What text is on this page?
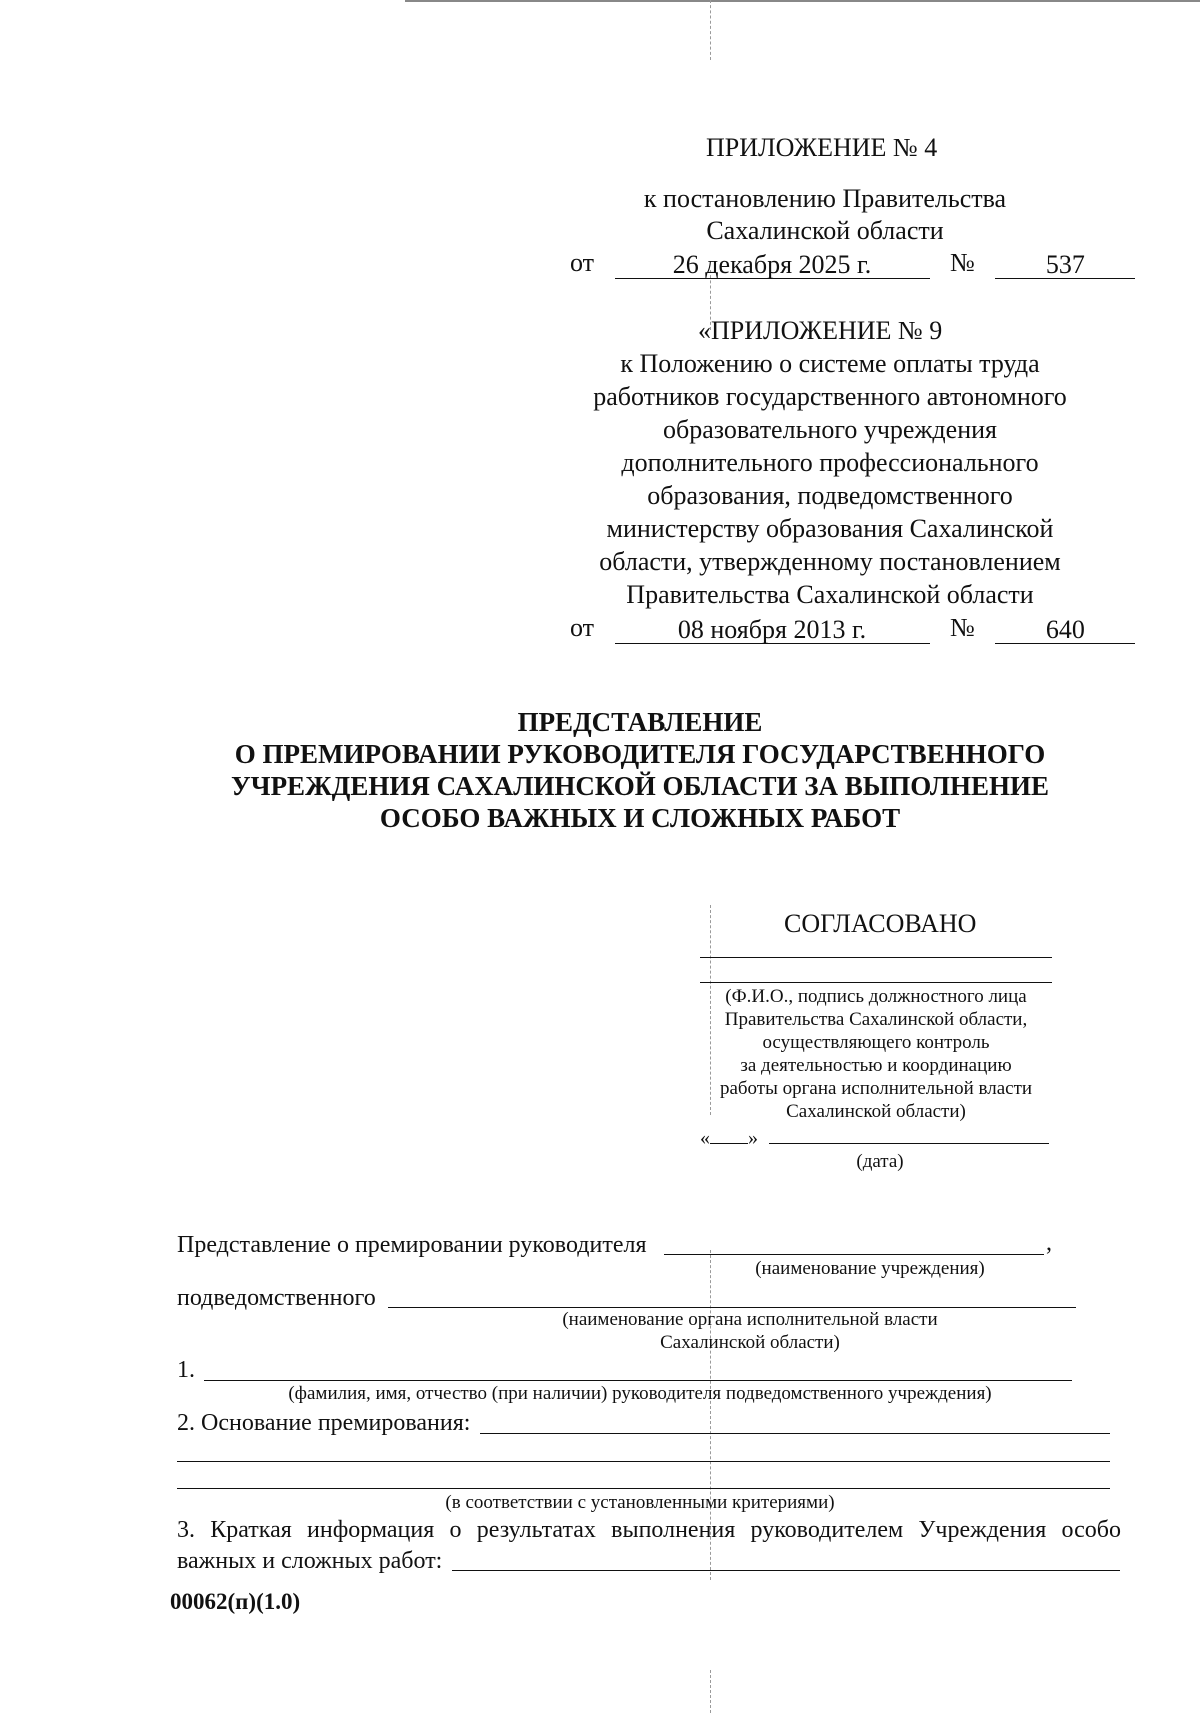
ПРИЛОЖЕНИЕ № 4
к постановлению Правительства
Сахалинской области
от	26 декабря 2025 г.	№	537
«ПРИЛОЖЕНИЕ № 9
к Положению о системе оплаты труда
работников государственного автономного
образовательного учреждения
дополнительного профессионального
образования, подведомственного
министерству образования Сахалинской
области, утвержденному постановлением
Правительства Сахалинской области
от	08 ноября 2013 г.	№	640
ПРЕДСТАВЛЕНИЕ
О ПРЕМИРОВАНИИ РУКОВОДИТЕЛЯ ГОСУДАРСТВЕННОГО
УЧРЕЖДЕНИЯ САХАЛИНСКОЙ ОБЛАСТИ ЗА ВЫПОЛНЕНИЕ
ОСОБО ВАЖНЫХ И СЛОЖНЫХ РАБОТ
СОГЛАСОВАНО
(Ф.И.О., подпись должностного лица
Правительства Сахалинской области,
осуществляющего контроль
за деятельностью и координацию
работы органа исполнительной власти
Сахалинской области)
« »
(дата)
Представление о премировании руководителя	,
(наименование учреждения)
подведомственного
(наименование органа исполнительной власти
Сахалинской области)
1.
(фамилия, имя, отчество (при наличии) руководителя подведомственного учреждения)
2. Основание премирования:
(в соответствии с установленными критериями)
3. Краткая информация о результатах выполнения руководителем Учреждения особо
важных и сложных работ:
00062(п)(1.0)
